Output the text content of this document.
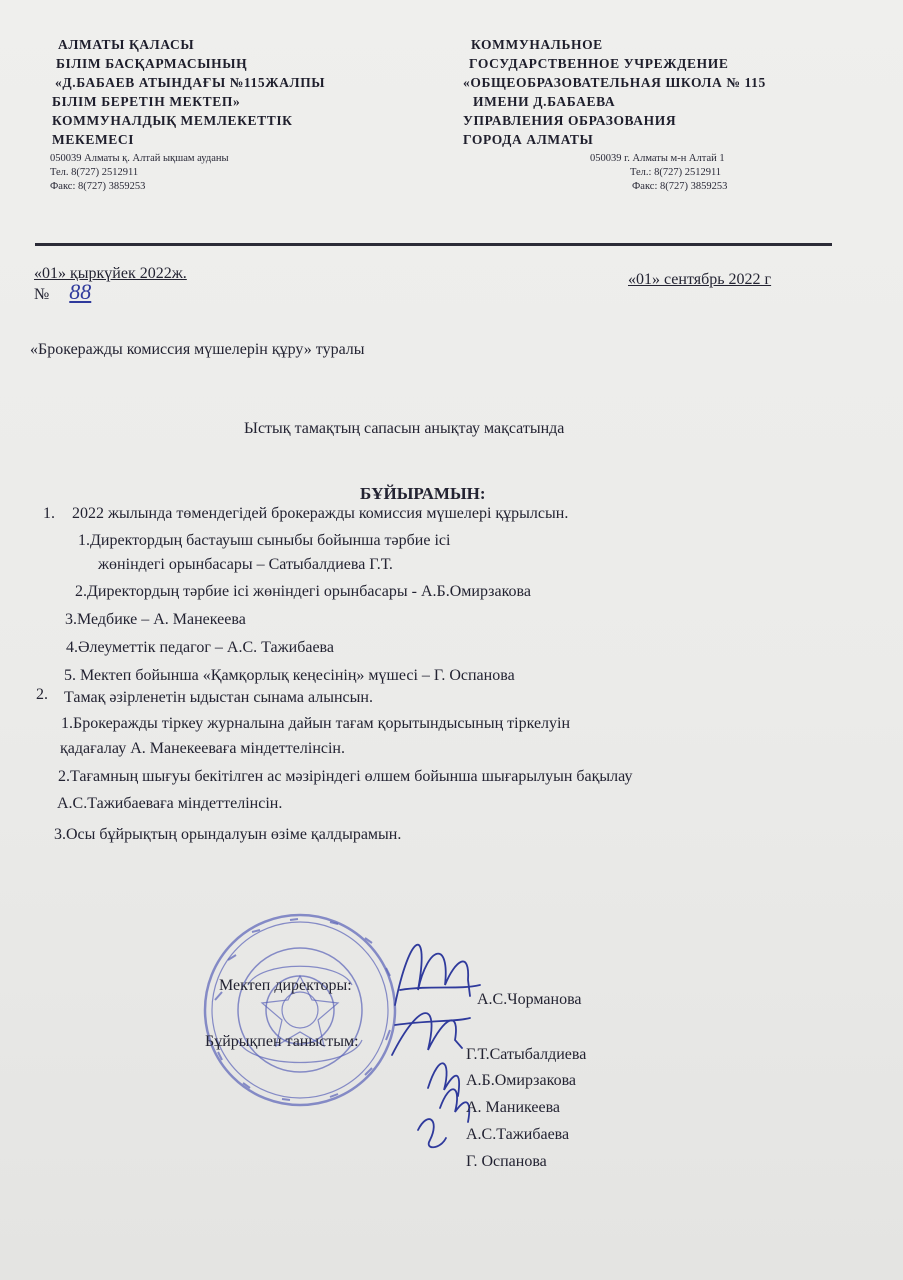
АЛМАТЫ ҚАЛАСЫ
БІЛІМ БАСҚАРМАСЫНЫҢ
«Д.БАБАЕВ АТЫНДАҒЫ №115ЖАЛПЫ
БІЛІМ БЕРЕТІН МЕКТЕП»
КОММУНАЛДЫҚ МЕМЛЕКЕТТІК
МЕКЕМЕСІ
050039 Алматы қ. Алтай ықшам ауданы
Тел. 8(727) 2512911
Факс: 8(727) 3859253
КОММУНАЛЬНОЕ
ГОСУДАРСТВЕННОЕ УЧРЕЖДЕНИЕ
«ОБЩЕОБРАЗОВАТЕЛЬНАЯ ШКОЛА № 115
ИМЕНИ Д.БАБАЕВА
УПРАВЛЕНИЯ ОБРАЗОВАНИЯ
ГОРОДА АЛМАТЫ
050039 г. Алматы м-н Алтай 1
Тел.: 8(727) 2512911
Факс: 8(727) 3859253
«01» қыркүйек 2022ж.
№ 88	«01» сентябрь 2022 г
«Брокеражды комиссия мүшелерін құру» туралы
Ыстық тамақтың сапасын анықтау мақсатында
БҰЙЫРАМЫН:
1. 2022 жылында төмендегідей брокеражды комиссия мүшелері құрылсын.
1.Директордың бастауыш сыныбы бойынша тәрбие ісі
жөніндегі орынбасары – Сатыбалдиева Г.Т.
2.Директордың тәрбие ісі жөніндегі орынбасары - А.Б.Омирзакова
3.Медбике – А. Манекеева
4.Әлеуметтік педагог – А.С. Тажибаева
5. Мектеп бойынша «Қамқорлық кеңесінің» мүшесі – Г. Оспанова
2. Тамақ әзірленетін ыдыстан сынама алынсын.
1.Брокеражды тіркеу журналына дайын тағам қорытындысының тіркелуін
қадағалау А. Манекееваға міндеттелінсін.
2.Тағамның шығуы бекітілген ас мәзіріндегі өлшем бойынша шығарылуын бақылау
А.С.Тажибаеваға міндеттелінсін.
3.Осы бұйрықтың орындалуын өзіме қалдырамын.
Мектеп директоры:
А.С.Чорманова
Бұйрықпен таныстым:
Г.Т.Сатыбалдиева
А.Б.Омирзакова
А. Маникеева
А.С.Тажибаева
Г. Оспанова
